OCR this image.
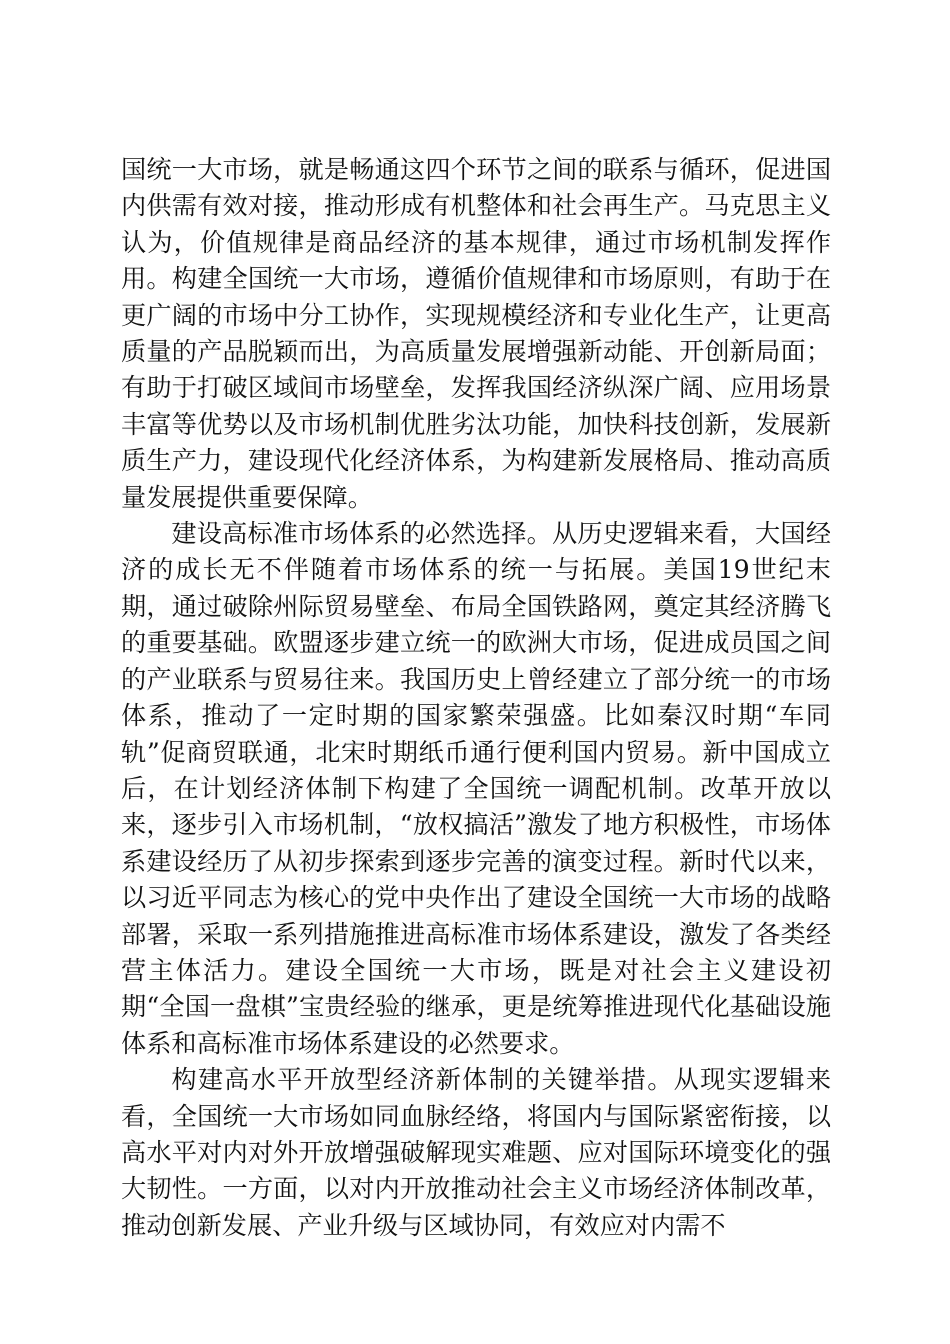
国统一大市场，就是畅通这四个环节之间的联系与循环，促进国内供需有效对接，推动形成有机整体和社会再生产。马克思主义认为，价值规律是商品经济的基本规律，通过市场机制发挥作用。构建全国统一大市场，遵循价值规律和市场原则，有助于在更广阔的市场中分工协作，实现规模经济和专业化生产，让更高质量的产品脱颖而出，为高质量发展增强新动能、开创新局面；有助于打破区域间市场壁垒，发挥我国经济纵深广阔、应用场景丰富等优势以及市场机制优胜劣汰功能，加快科技创新，发展新质生产力，建设现代化经济体系，为构建新发展格局、推动高质量发展提供重要保障。

建设高标准市场体系的必然选择。从历史逻辑来看，大国经济的成长无不伴随着市场体系的统一与拓展。美国19世纪末期，通过破除州际贸易壁垒、布局全国铁路网，奠定其经济腾飞的重要基础。欧盟逐步建立统一的欧洲大市场，促进成员国之间的产业联系与贸易往来。我国历史上曾经建立了部分统一的市场体系，推动了一定时期的国家繁荣强盛。比如秦汉时期“车同轨”促商贸联通，北宋时期纸币通行便利国内贸易。新中国成立后，在计划经济体制下构建了全国统一调配机制。改革开放以来，逐步引入市场机制，“放权搞活”激发了地方积极性，市场体系建设经历了从初步探索到逐步完善的演变过程。新时代以来，以习近平同志为核心的党中央作出了建设全国统一大市场的战略部署，采取一系列措施推进高标准市场体系建设，激发了各类经营主体活力。建设全国统一大市场，既是对社会主义建设初期“全国一盘棋”宝贵经验的继承，更是统筹推进现代化基础设施体系和高标准市场体系建设的必然要求。

构建高水平开放型经济新体制的关键举措。从现实逻辑来看，全国统一大市场如同血脉经络，将国内与国际紧密衔接，以高水平对内对外开放增强破解现实难题、应对国际环境变化的强大韧性。一方面，以对内开放推动社会主义市场经济体制改革，推动创新发展、产业升级与区域协同，有效应对内需不
